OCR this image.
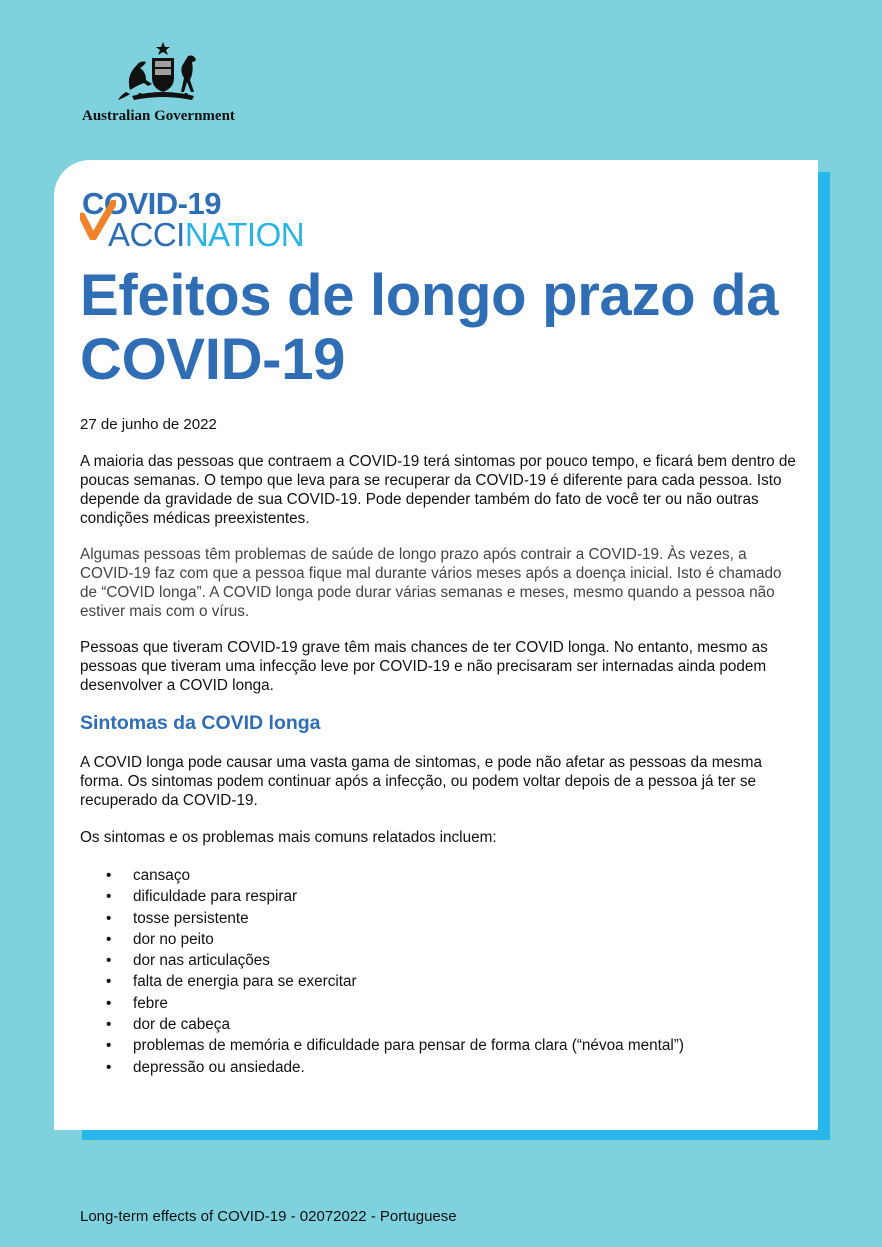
Australian Government
COVID-19
ACCINATION
Efeitos de longo prazo da COVID-19
27 de junho de 2022

A maioria das pessoas que contraem a COVID-19 terá sintomas por pouco tempo, e ficará bem dentro de poucas semanas. O tempo que leva para se recuperar da COVID-19 é diferente para cada pessoa. Isto depende da gravidade de sua COVID-19. Pode depender também do fato de você ter ou não outras condições médicas preexistentes.

Algumas pessoas têm problemas de saúde de longo prazo após contrair a COVID-19. Às vezes, a COVID-19 faz com que a pessoa fique mal durante vários meses após a doença inicial. Isto é chamado de “COVID longa”. A COVID longa pode durar várias semanas e meses, mesmo quando a pessoa não estiver mais com o vírus.

Pessoas que tiveram COVID-19 grave têm mais chances de ter COVID longa. No entanto, mesmo as pessoas que tiveram uma infecção leve por COVID-19 e não precisaram ser internadas ainda podem desenvolver a COVID longa.

Sintomas da COVID longa

A COVID longa pode causar uma vasta gama de sintomas, e pode não afetar as pessoas da mesma forma. Os sintomas podem continuar após a infecção, ou podem voltar depois de a pessoa já ter se recuperado da COVID-19.

Os sintomas e os problemas mais comuns relatados incluem:

• cansaço
• dificuldade para respirar
• tosse persistente
• dor no peito
• dor nas articulações
• falta de energia para se exercitar
• febre
• dor de cabeça
• problemas de memória e dificuldade para pensar de forma clara (“névoa mental”)
• depressão ou ansiedade.
Long-term effects of COVID-19 - 02072022 - Portuguese
